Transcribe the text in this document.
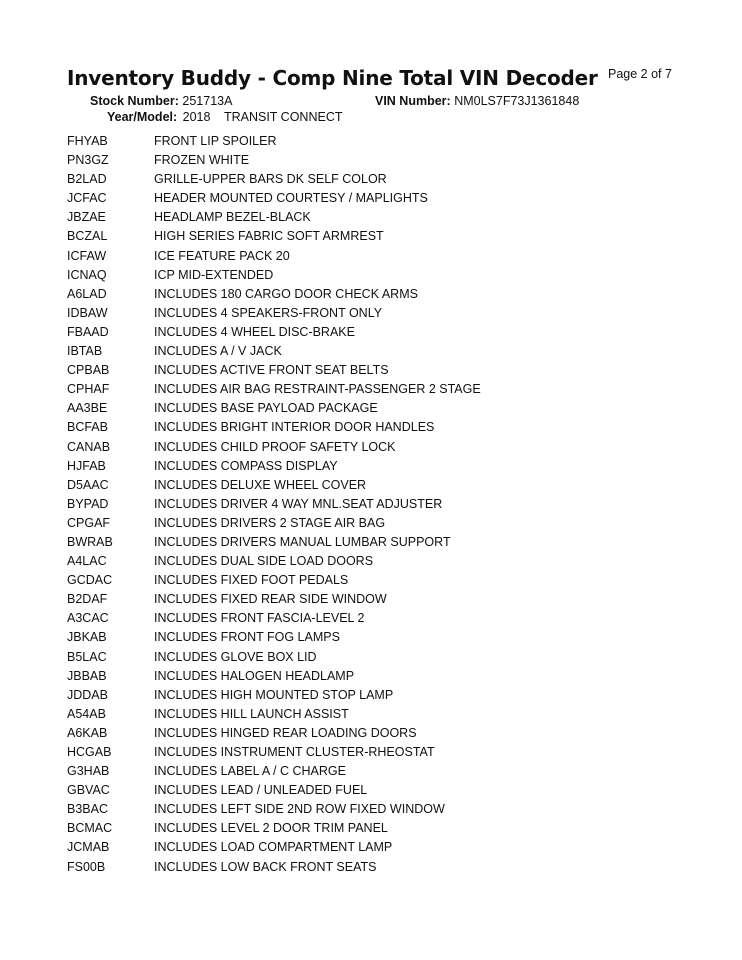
Inventory Buddy - Comp Nine Total VIN Decoder Page 2 of 7
Stock Number: 251713A	VIN Number: NM0LS7F73J1361848
Year/Model: 2018 TRANSIT CONNECT
FHYAB	FRONT LIP SPOILER
PN3GZ	FROZEN WHITE
B2LAD	GRILLE-UPPER BARS DK SELF COLOR
JCFAC	HEADER MOUNTED COURTESY / MAPLIGHTS
JBZAE	HEADLAMP BEZEL-BLACK
BCZAL	HIGH SERIES FABRIC SOFT ARMREST
ICFAW	ICE FEATURE PACK 20
ICNAQ	ICP MID-EXTENDED
A6LAD	INCLUDES 180 CARGO DOOR CHECK ARMS
IDBAW	INCLUDES 4 SPEAKERS-FRONT ONLY
FBAAD	INCLUDES 4 WHEEL DISC-BRAKE
IBTAB	INCLUDES A / V JACK
CPBAB	INCLUDES ACTIVE FRONT SEAT BELTS
CPHAF	INCLUDES AIR BAG RESTRAINT-PASSENGER 2 STAGE
AA3BE	INCLUDES BASE PAYLOAD PACKAGE
BCFAB	INCLUDES BRIGHT INTERIOR DOOR HANDLES
CANAB	INCLUDES CHILD PROOF SAFETY LOCK
HJFAB	INCLUDES COMPASS DISPLAY
D5AAC	INCLUDES DELUXE WHEEL COVER
BYPAD	INCLUDES DRIVER 4 WAY MNL.SEAT ADJUSTER
CPGAF	INCLUDES DRIVERS 2 STAGE AIR BAG
BWRAB	INCLUDES DRIVERS MANUAL LUMBAR SUPPORT
A4LAC	INCLUDES DUAL SIDE LOAD DOORS
GCDAC	INCLUDES FIXED FOOT PEDALS
B2DAF	INCLUDES FIXED REAR SIDE WINDOW
A3CAC	INCLUDES FRONT FASCIA-LEVEL 2
JBKAB	INCLUDES FRONT FOG LAMPS
B5LAC	INCLUDES GLOVE BOX LID
JBBAB	INCLUDES HALOGEN HEADLAMP
JDDAB	INCLUDES HIGH MOUNTED STOP LAMP
A54AB	INCLUDES HILL LAUNCH ASSIST
A6KAB	INCLUDES HINGED REAR LOADING DOORS
HCGAB	INCLUDES INSTRUMENT CLUSTER-RHEOSTAT
G3HAB	INCLUDES LABEL A / C CHARGE
GBVAC	INCLUDES LEAD / UNLEADED FUEL
B3BAC	INCLUDES LEFT SIDE 2ND ROW FIXED WINDOW
BCMAC	INCLUDES LEVEL 2 DOOR TRIM PANEL
JCMAB	INCLUDES LOAD COMPARTMENT LAMP
FS00B	INCLUDES LOW BACK FRONT SEATS
